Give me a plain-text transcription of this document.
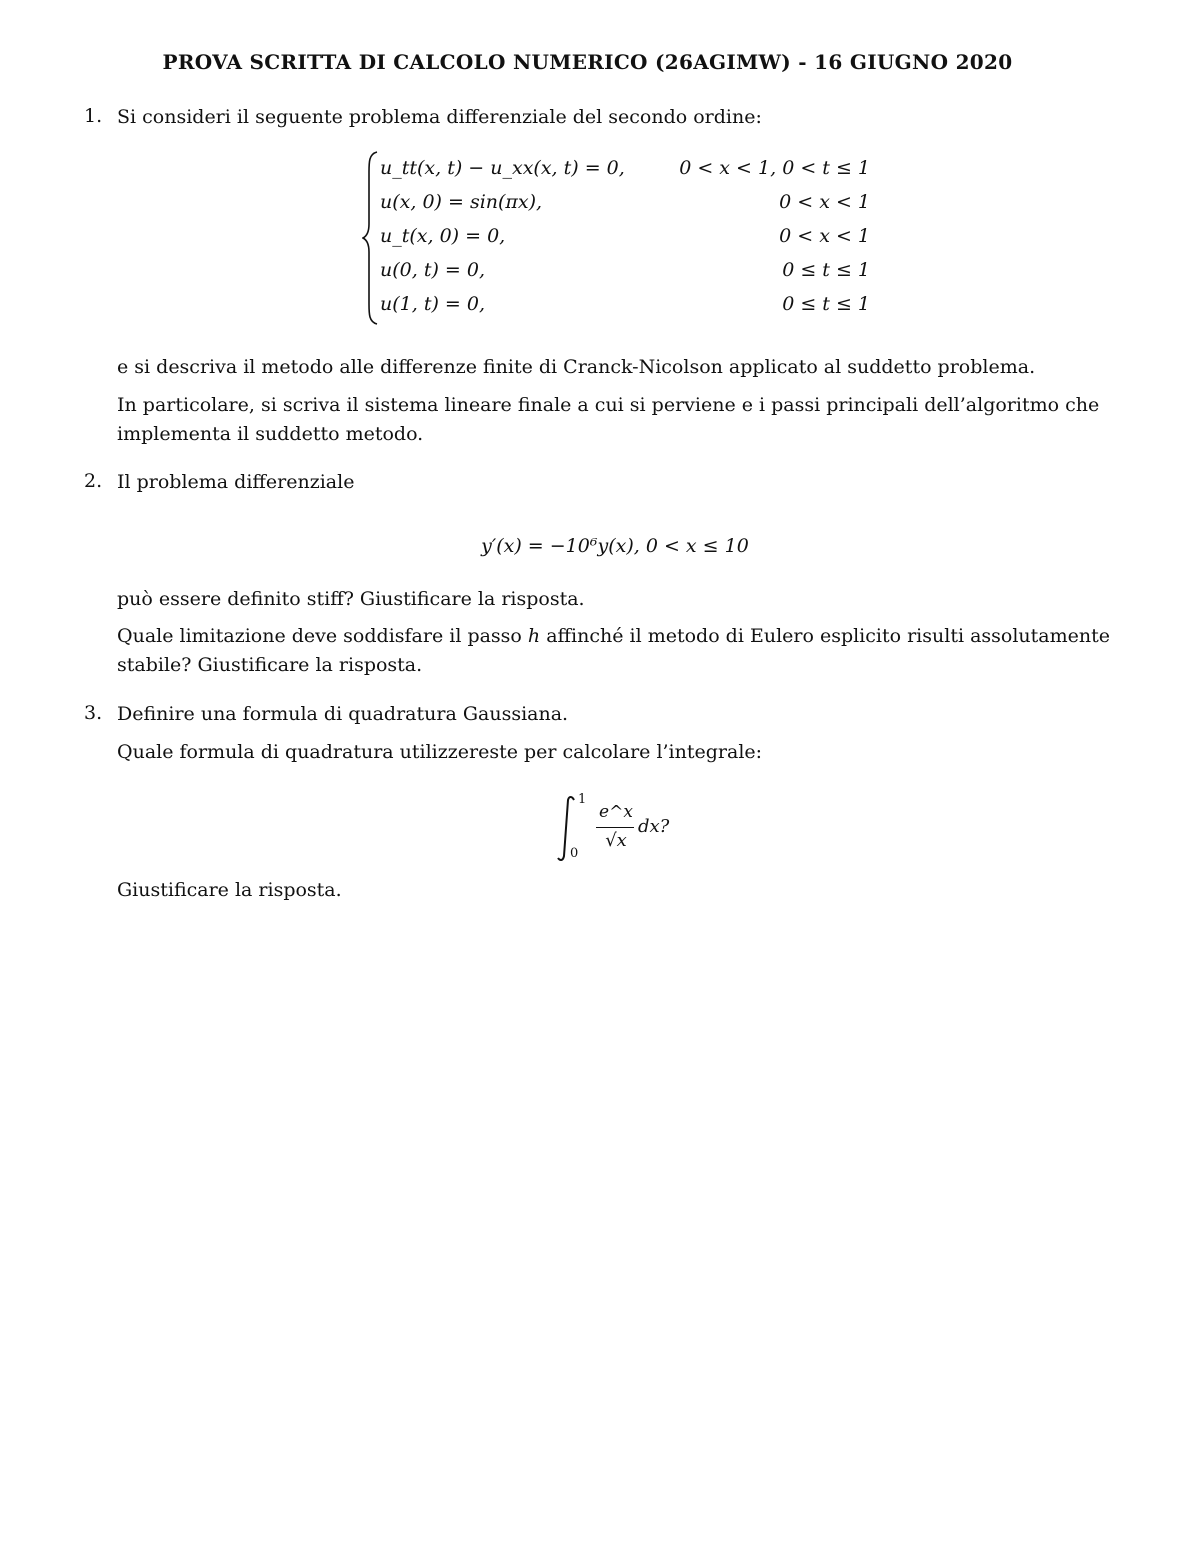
PROVA SCRITTA DI CALCOLO NUMERICO (26AGIMW) - 16 GIUGNO 2020
1. Si consideri il seguente problema differenziale del secondo ordine:
u_tt(x, t) − u_xx(x, t) = 0,	0 < x < 1, 0 < t ≤ 1
u(x, 0) = sin(πx),	0 < x < 1
u_t(x, 0) = 0,	0 < x < 1
u(0, t) = 0,	0 ≤ t ≤ 1
u(1, t) = 0,	0 ≤ t ≤ 1
e si descriva il metodo alle differenze finite di Cranck-Nicolson applicato al suddetto problema.
In particolare, si scriva il sistema lineare finale a cui si perviene e i passi principali dell’algoritmo che implementa il suddetto metodo.
2. Il problema differenziale
y′(x) = −10⁶y(x), 0 < x ≤ 10
può essere definito stiff? Giustificare la risposta.
Quale limitazione deve soddisfare il passo h affinché il metodo di Eulero esplicito risulti assolutamente stabile? Giustificare la risposta.
3. Definire una formula di quadratura Gaussiana.
Quale formula di quadratura utilizzereste per calcolare l’integrale:
1
0
e^x
√x
dx?
Giustificare la risposta.
